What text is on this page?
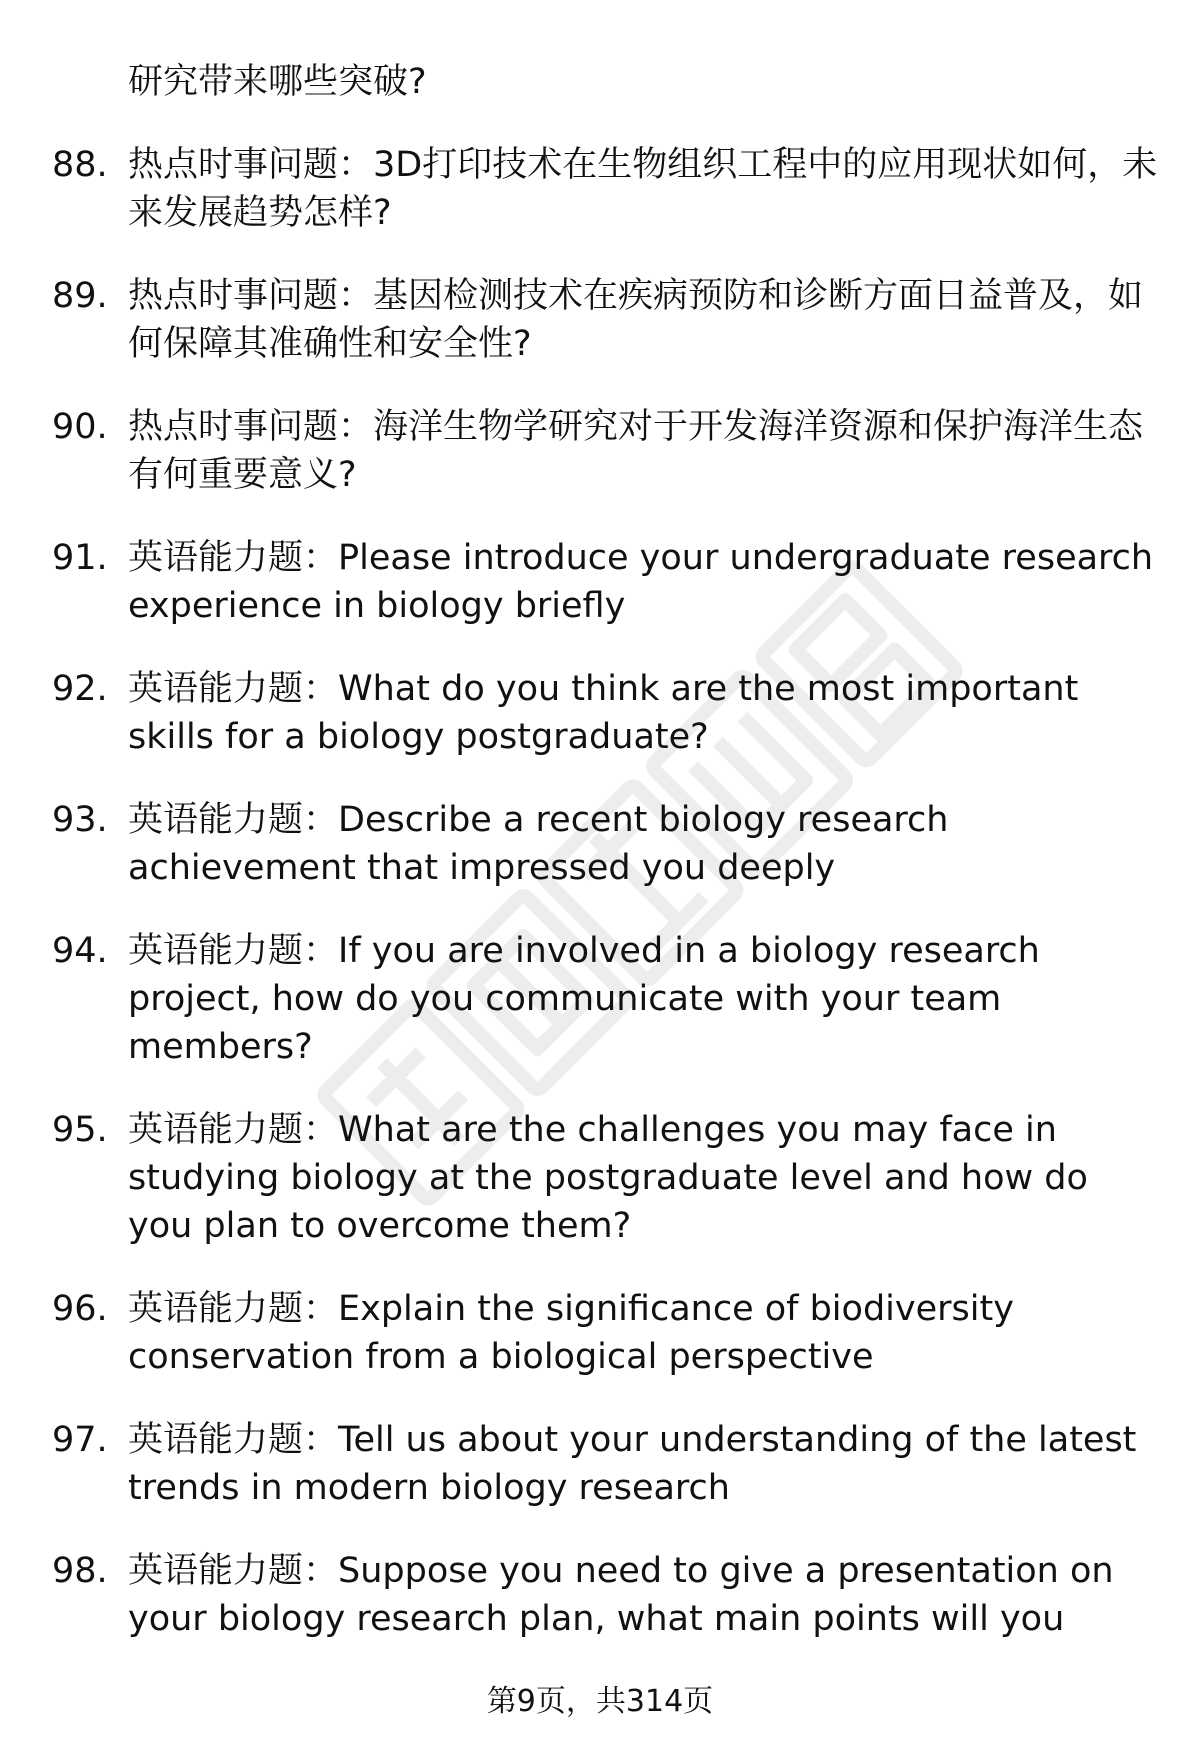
研究带来哪些突破?
88. 热点时事问题：3D打印技术在生物组织工程中的应用现状如何，未来发展趋势怎样?
89. 热点时事问题：基因检测技术在疾病预防和诊断方面日益普及，如何保障其准确性和安全性?
90. 热点时事问题：海洋生物学研究对于开发海洋资源和保护海洋生态有何重要意义?
91. 英语能力题：Please introduce your undergraduate research experience in biology briefly
92. 英语能力题：What do you think are the most important skills for a biology postgraduate?
93. 英语能力题：Describe a recent biology research achievement that impressed you deeply
94. 英语能力题：If you are involved in a biology research project, how do you communicate with your team members?
95. 英语能力题：What are the challenges you may face in studying biology at the postgraduate level and how do you plan to overcome them?
96. 英语能力题：Explain the significance of biodiversity conservation from a biological perspective
97. 英语能力题：Tell us about your understanding of the latest trends in modern biology research
98. 英语能力题：Suppose you need to give a presentation on your biology research plan, what main points will you
第9页，共314页
